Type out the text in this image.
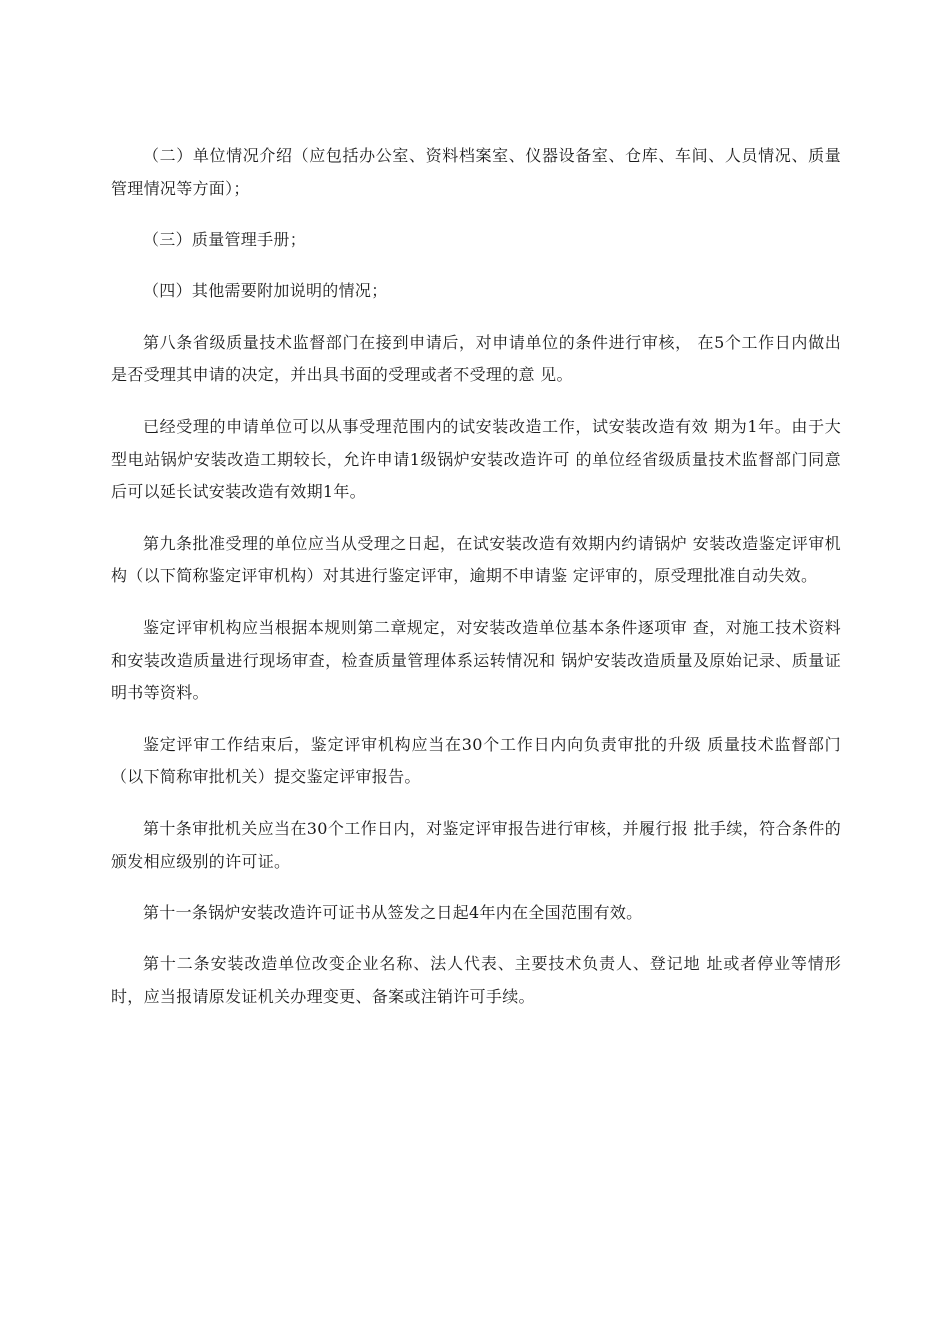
（二）单位情况介绍（应包括办公室、资料档案室、仪器设备室、仓库、车间、人员情况、质量管理情况等方面）；

（三）质量管理手册；

（四）其他需要附加说明的情况；

第八条省级质量技术监督部门在接到申请后，对申请单位的条件进行审核， 在5个工作日内做出是否受理其申请的决定，并出具书面的受理或者不受理的意 见。

已经受理的申请单位可以从事受理范围内的试安装改造工作，试安装改造有效 期为1年。由于大型电站锅炉安装改造工期较长，允许申请1级锅炉安装改造许可 的单位经省级质量技术监督部门同意后可以延长试安装改造有效期1年。

第九条批准受理的单位应当从受理之日起，在试安装改造有效期内约请锅炉 安装改造鉴定评审机构（以下简称鉴定评审机构）对其进行鉴定评审，逾期不申请鉴 定评审的，原受理批准自动失效。

鉴定评审机构应当根据本规则第二章规定，对安装改造单位基本条件逐项审 查，对施工技术资料和安装改造质量进行现场审查，检查质量管理体系运转情况和 锅炉安装改造质量及原始记录、质量证明书等资料。

鉴定评审工作结束后，鉴定评审机构应当在30个工作日内向负责审批的升级 质量技术监督部门（以下简称审批机关）提交鉴定评审报告。

第十条审批机关应当在30个工作日内，对鉴定评审报告进行审核，并履行报 批手续，符合条件的颁发相应级别的许可证。

第十一条锅炉安装改造许可证书从签发之日起4年内在全国范围有效。

第十二条安装改造单位改变企业名称、法人代表、主要技术负责人、登记地 址或者停业等情形时，应当报请原发证机关办理变更、备案或注销许可手续。
